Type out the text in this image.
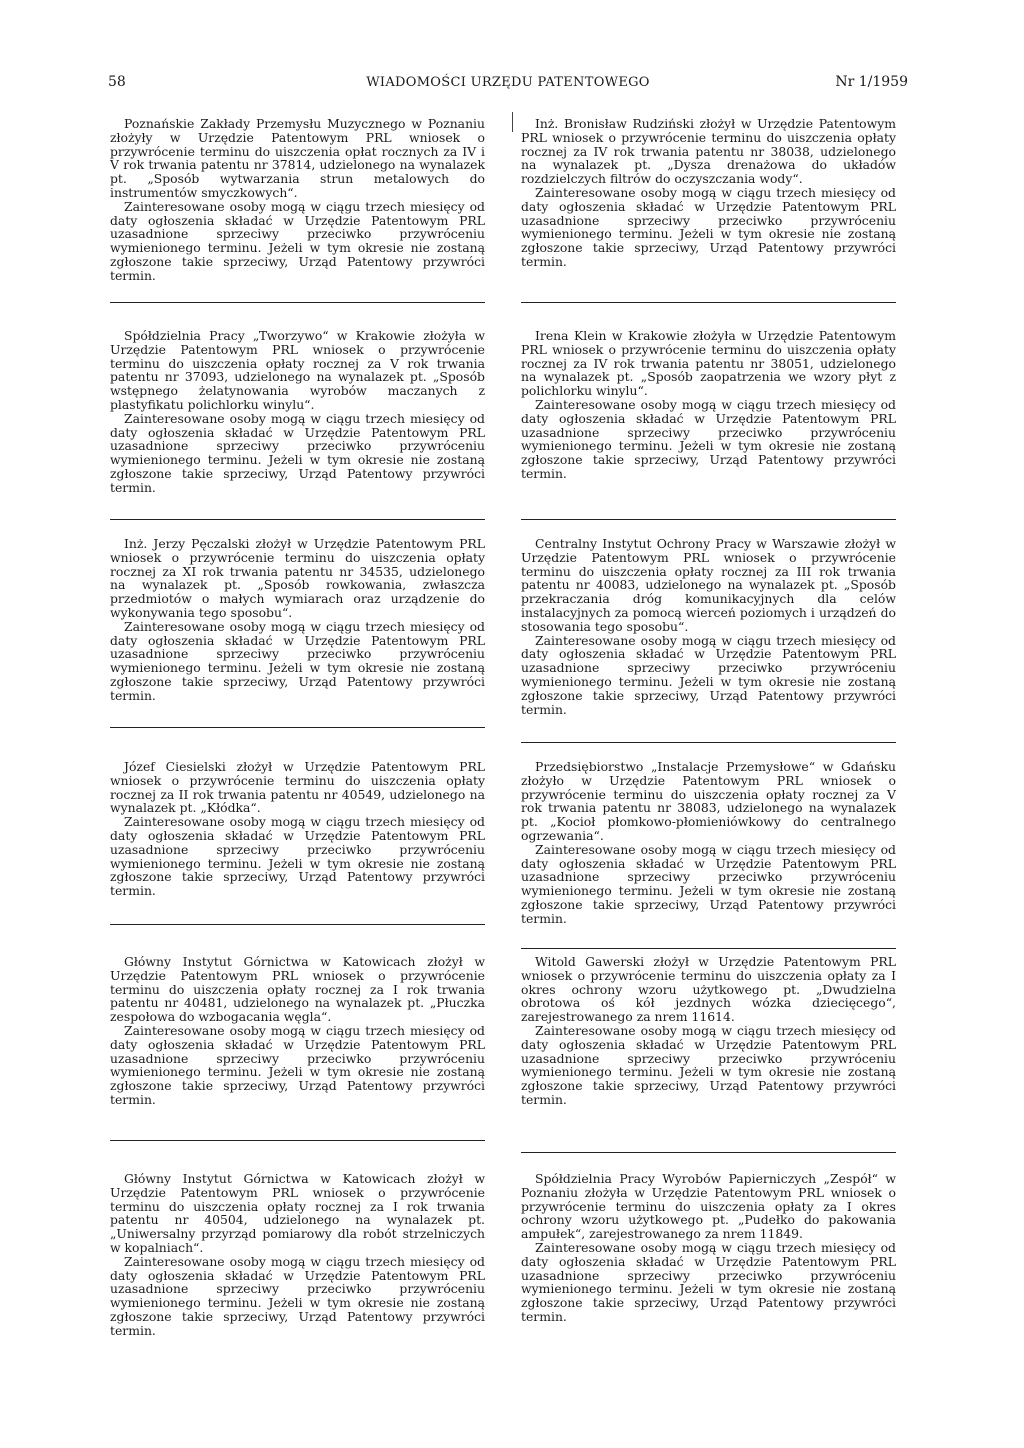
58	WIADOMOŚCI URZĘDU PATENTOWEGO	Nr 1/1959

Poznańskie Zakłady Przemysłu Muzycznego w Poznaniu złożyły w Urzędzie Patentowym PRL wniosek o przywrócenie terminu do uiszczenia opłat rocznych za IV i V rok trwania patentu nr 37814, udzielonego na wynalazek pt. „Sposób wytwarzania strun metalowych do instrumentów smyczkowych“.

Zainteresowane osoby mogą w ciągu trzech miesięcy od daty ogłoszenia składać w Urzędzie Patentowym PRL uzasadnione sprzeciwy przeciwko przywróceniu wymienionego terminu. Jeżeli w tym okresie nie zostaną zgłoszone takie sprzeciwy, Urząd Patentowy przywróci termin.

Spółdzielnia Pracy „Tworzywo“ w Krakowie złożyła w Urzędzie Patentowym PRL wniosek o przywrócenie terminu do uiszczenia opłaty rocznej za V rok trwania patentu nr 37093, udzielonego na wynalazek pt. „Sposób wstępnego żelatynowania wyrobów maczanych z plastyfikatu polichlorku winylu“.

Zainteresowane osoby mogą w ciągu trzech miesięcy od daty ogłoszenia składać w Urzędzie Patentowym PRL uzasadnione sprzeciwy przeciwko przywróceniu wymienionego terminu. Jeżeli w tym okresie nie zostaną zgłoszone takie sprzeciwy, Urząd Patentowy przywróci termin.

Inż. Jerzy Pęczalski złożył w Urzędzie Patentowym PRL wniosek o przywrócenie terminu do uiszczenia opłaty rocznej za XI rok trwania patentu nr 34535, udzielonego na wynalazek pt. „Sposób rowkowania, zwłaszcza przedmiotów o małych wymiarach oraz urządzenie do wykonywania tego sposobu“.

Zainteresowane osoby mogą w ciągu trzech miesięcy od daty ogłoszenia składać w Urzędzie Patentowym PRL uzasadnione sprzeciwy przeciwko przywróceniu wymienionego terminu. Jeżeli w tym okresie nie zostaną zgłoszone takie sprzeciwy, Urząd Patentowy przywróci termin.

Józef Ciesielski złożył w Urzędzie Patentowym PRL wniosek o przywrócenie terminu do uiszczenia opłaty rocznej za II rok trwania patentu nr 40549, udzielonego na wynalazek pt. „Kłódka“.

Zainteresowane osoby mogą w ciągu trzech miesięcy od daty ogłoszenia składać w Urzędzie Patentowym PRL uzasadnione sprzeciwy przeciwko przywróceniu wymienionego terminu. Jeżeli w tym okresie nie zostaną zgłoszone takie sprzeciwy, Urząd Patentowy przywróci termin.

Główny Instytut Górnictwa w Katowicach złożył w Urzędzie Patentowym PRL wniosek o przywrócenie terminu do uiszczenia opłaty rocznej za I rok trwania patentu nr 40481, udzielonego na wynalazek pt. „Płuczka zespołowa do wzbogacania węgla“.

Zainteresowane osoby mogą w ciągu trzech miesięcy od daty ogłoszenia składać w Urzędzie Patentowym PRL uzasadnione sprzeciwy przeciwko przywróceniu wymienionego terminu. Jeżeli w tym okresie nie zostaną zgłoszone takie sprzeciwy, Urząd Patentowy przywróci termin.

Główny Instytut Górnictwa w Katowicach złożył w Urzędzie Patentowym PRL wniosek o przywrócenie terminu do uiszczenia opłaty rocznej za I rok trwania patentu nr 40504, udzielonego na wynalazek pt. „Uniwersalny przyrząd pomiarowy dla robót strzelniczych w kopalniach“.

Zainteresowane osoby mogą w ciągu trzech miesięcy od daty ogłoszenia składać w Urzędzie Patentowym PRL uzasadnione sprzeciwy przeciwko przywróceniu wymienionego terminu. Jeżeli w tym okresie nie zostaną zgłoszone takie sprzeciwy, Urząd Patentowy przywróci termin.

Inż. Bronisław Rudziński złożył w Urzędzie Patentowym PRL wniosek o przywrócenie terminu do uiszczenia opłaty rocznej za IV rok trwania patentu nr 38038, udzielonego na wynalazek pt. „Dysza drenażowa do układów rozdzielczych filtrów do oczyszczania wody“.

Zainteresowane osoby mogą w ciągu trzech miesięcy od daty ogłoszenia składać w Urzędzie Patentowym PRL uzasadnione sprzeciwy przeciwko przywróceniu wymienionego terminu. Jeżeli w tym okresie nie zostaną zgłoszone takie sprzeciwy, Urząd Patentowy przywróci termin.

Irena Klein w Krakowie złożyła w Urzędzie Patentowym PRL wniosek o przywrócenie terminu do uiszczenia opłaty rocznej za IV rok trwania patentu nr 38051, udzielonego na wynalazek pt. „Sposób zaopatrzenia we wzory płyt z polichlorku winylu“.

Zainteresowane osoby mogą w ciągu trzech miesięcy od daty ogłoszenia składać w Urzędzie Patentowym PRL uzasadnione sprzeciwy przeciwko przywróceniu wymienionego terminu. Jeżeli w tym okresie nie zostaną zgłoszone takie sprzeciwy, Urząd Patentowy przywróci termin.

Centralny Instytut Ochrony Pracy w Warszawie złożył w Urzędzie Patentowym PRL wniosek o przywrócenie terminu do uiszczenia opłaty rocznej za III rok trwania patentu nr 40083, udzielonego na wynalazek pt. „Sposób przekraczania dróg komunikacyjnych dla celów instalacyjnych za pomocą wierceń poziomych i urządzeń do stosowania tego sposobu“.

Zainteresowane osoby mogą w ciągu trzech miesięcy od daty ogłoszenia składać w Urzędzie Patentowym PRL uzasadnione sprzeciwy przeciwko przywróceniu wymienionego terminu. Jeżeli w tym okresie nie zostaną zgłoszone takie sprzeciwy, Urząd Patentowy przywróci termin.

Przedsiębiorstwo „Instalacje Przemysłowe“ w Gdańsku złożyło w Urzędzie Patentowym PRL wniosek o przywrócenie terminu do uiszczenia opłaty rocznej za V rok trwania patentu nr 38083, udzielonego na wynalazek pt. „Kocioł płomkowo-płomieniówkowy do centralnego ogrzewania“.

Zainteresowane osoby mogą w ciągu trzech miesięcy od daty ogłoszenia składać w Urzędzie Patentowym PRL uzasadnione sprzeciwy przeciwko przywróceniu wymienionego terminu. Jeżeli w tym okresie nie zostaną zgłoszone takie sprzeciwy, Urząd Patentowy przywróci termin.

Witold Gawerski złożył w Urzędzie Patentowym PRL wniosek o przywrócenie terminu do uiszczenia opłaty za I okres ochrony wzoru użytkowego pt. „Dwudzielna obrotowa oś kół jezdnych wózka dziecięcego“, zarejestrowanego za nrem 11614.

Zainteresowane osoby mogą w ciągu trzech miesięcy od daty ogłoszenia składać w Urzędzie Patentowym PRL uzasadnione sprzeciwy przeciwko przywróceniu wymienionego terminu. Jeżeli w tym okresie nie zostaną zgłoszone takie sprzeciwy, Urząd Patentowy przywróci termin.

Spółdzielnia Pracy Wyrobów Papierniczych „Zespół“ w Poznaniu złożyła w Urzędzie Patentowym PRL wniosek o przywrócenie terminu do uiszczenia opłaty za I okres ochrony wzoru użytkowego pt. „Pudełko do pakowania ampułek“, zarejestrowanego za nrem 11849.

Zainteresowane osoby mogą w ciągu trzech miesięcy od daty ogłoszenia składać w Urzędzie Patentowym PRL uzasadnione sprzeciwy przeciwko przywróceniu wymienionego terminu. Jeżeli w tym okresie nie zostaną zgłoszone takie sprzeciwy, Urząd Patentowy przywróci termin.
